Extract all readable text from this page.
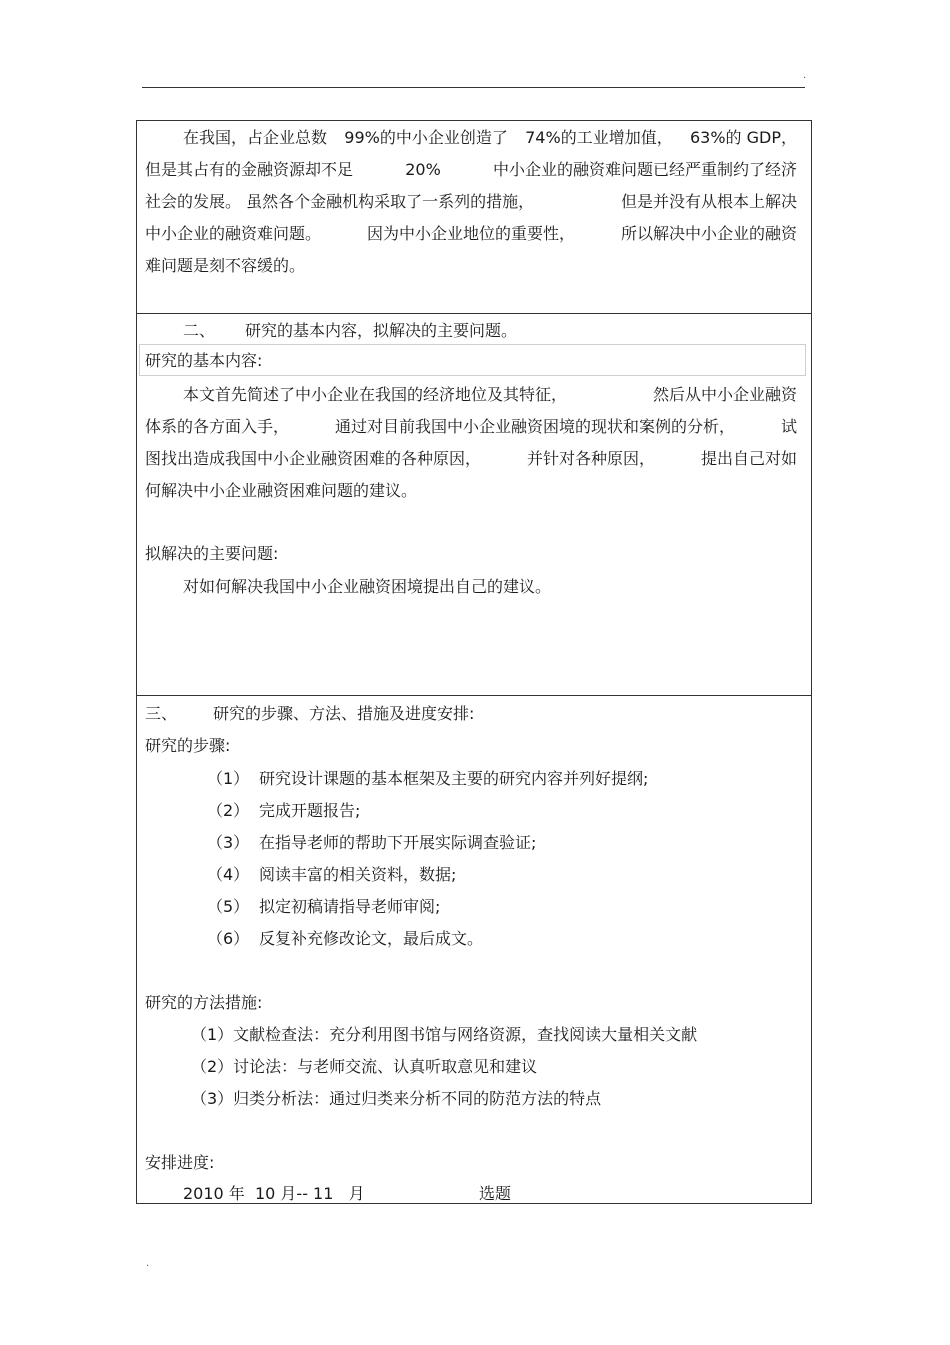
.
在我国，占企业总数 99%的中小企业创造了 74%的工业增加值， 63%的 GDP，
但是其占有的金融资源却不足	20%	中小企业的融资难问题已经严重制约了经济
社会的发展。 虽然各个金融机构采取了一系列的措施，	但是并没有从根本上解决
中小企业的融资难问题。	因为中小企业地位的重要性，	所以解决中小企业的融资
难问题是刻不容缓的。
二、 研究的基本内容，拟解决的主要问题。
研究的基本内容:
本文首先简述了中小企业在我国的经济地位及其特征，	然后从中小企业融资
体系的各方面入手，	通过对目前我国中小企业融资困境的现状和案例的分析，	试
图找出造成我国中小企业融资困难的各种原因，	并针对各种原因，	提出自己对如
何解决中小企业融资困难问题的建议。
拟解决的主要问题:
对如何解决我国中小企业融资困境提出自己的建议。
三、 研究的步骤、方法、措施及进度安排:
研究的步骤:
（1） 研究设计课题的基本框架及主要的研究内容并列好提纲;
（2） 完成开题报告;
（3） 在指导老师的帮助下开展实际调查验证;
（4） 阅读丰富的相关资料，数据;
（5） 拟定初稿请指导老师审阅;
（6） 反复补充修改论文，最后成文。
研究的方法措施:
（1）文献检查法：充分利用图书馆与网络资源，查找阅读大量相关文献
（2）讨论法：与老师交流、认真听取意见和建议
（3）归类分析法：通过归类来分析不同的防范方法的特点
安排进度:
2010 年  10 月-- 11   月	选题
.
